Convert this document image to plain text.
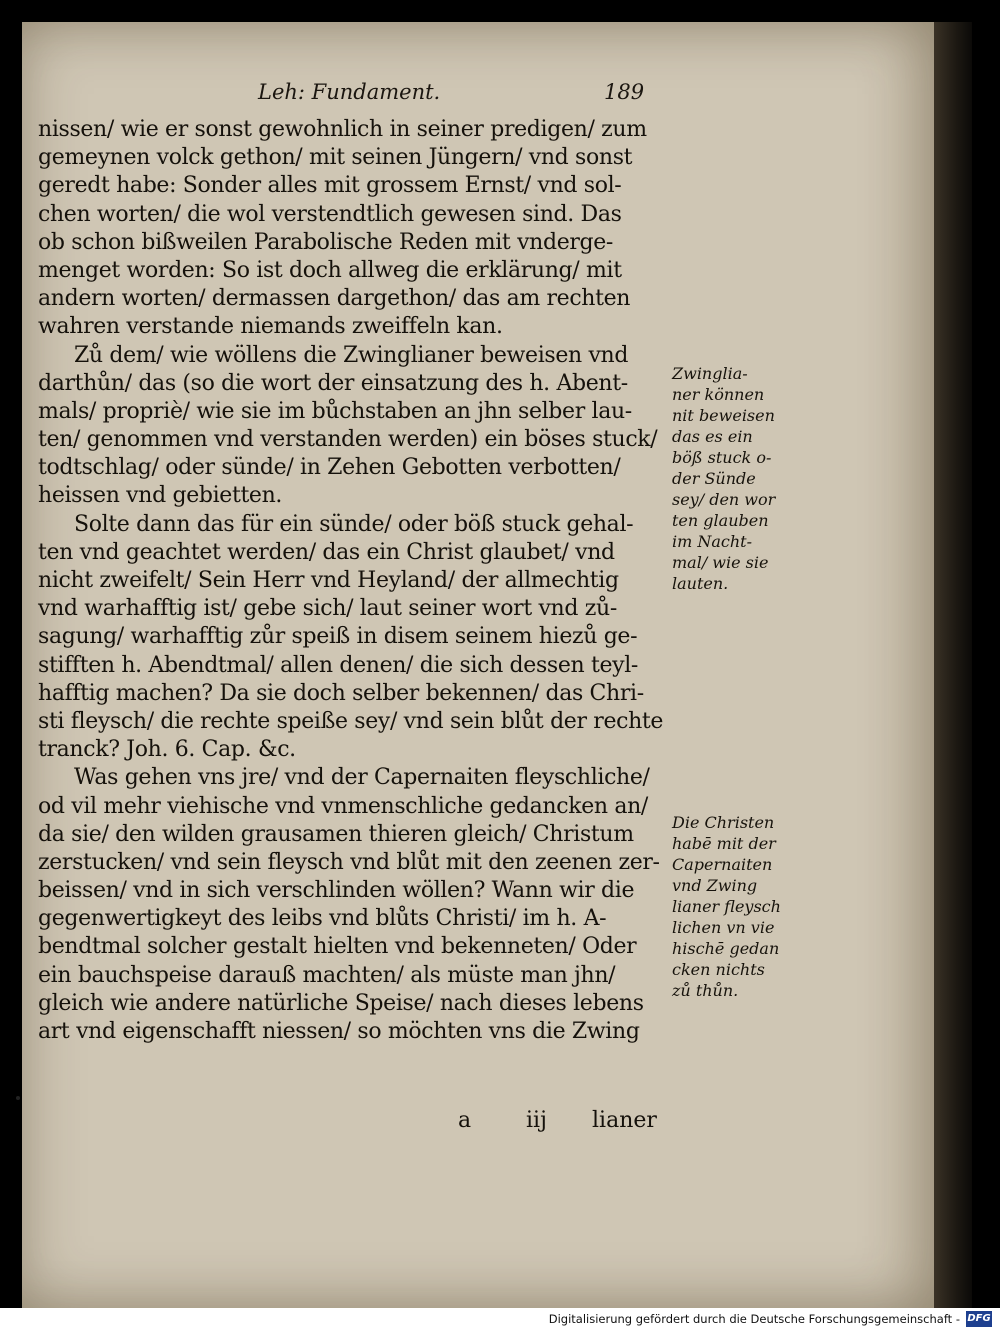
Leh: Fundament.	189
nissen/ wie er sonst gewohnlich in seiner predigen/ zum
gemeynen volck gethon/ mit seinen Jüngern/ vnd sonst
geredt habe: Sonder alles mit grossem Ernst/ vnd sol-
chen worten/ die wol verstendtlich gewesen sind. Das
ob schon bißweilen Parabolische Reden mit vnderge-
menget worden: So ist doch allweg die erklärung/ mit
andern worten/ dermassen dargethon/ das am rechten
wahren verstande niemands zweiffeln kan.
Zů dem/ wie wöllens die Zwinglianer beweisen vnd
darthůn/ das (so die wort der einsatzung des h. Abent-
mals/ propriè/ wie sie im bůchstaben an jhn selber lau-
ten/ genommen vnd verstanden werden) ein böses stuck/
todtschlag/ oder sünde/ in Zehen Gebotten verbotten/
heissen vnd gebietten.
Solte dann das für ein sünde/ oder böß stuck gehal-
ten vnd geachtet werden/ das ein Christ glaubet/ vnd
nicht zweifelt/ Sein Herr vnd Heyland/ der allmechtig
vnd warhafftig ist/ gebe sich/ laut seiner wort vnd zů-
sagung/ warhafftig zůr speiß in disem seinem hiezů ge-
stifften h. Abendtmal/ allen denen/ die sich dessen teyl-
hafftig machen? Da sie doch selber bekennen/ das Chri-
sti fleysch/ die rechte speiße sey/ vnd sein blůt der rechte
tranck? Joh. 6. Cap. &c.
Was gehen vns jre/ vnd der Capernaiten fleyschliche/
od vil mehr viehische vnd vnmenschliche gedancken an/
da sie/ den wilden grausamen thieren gleich/ Christum
zerstucken/ vnd sein fleysch vnd blůt mit den zeenen zer-
beissen/ vnd in sich verschlinden wöllen? Wann wir die
gegenwertigkeyt des leibs vnd blůts Christi/ im h. A-
bendtmal solcher gestalt hielten vnd bekenneten/ Oder
ein bauchspeise darauß machten/ als müste man jhn/
gleich wie andere natürliche Speise/ nach dieses lebens
art vnd eigenschafft niessen/ so möchten vns die Zwing
a iij lianer
Zwinglia-
ner können
nit beweisen
das es ein
böß stuck o-
der Sünde
sey/ den wor
ten glauben
im Nacht-
mal/ wie sie
lauten.
Die Christen
habē mit der
Capernaiten
vnd Zwing
lianer fleysch
lichen vn vie
hischē gedan
cken nichts
zů thůn.
Digitalisierung gefördert durch die Deutsche Forschungsgemeinschaft - DFG
